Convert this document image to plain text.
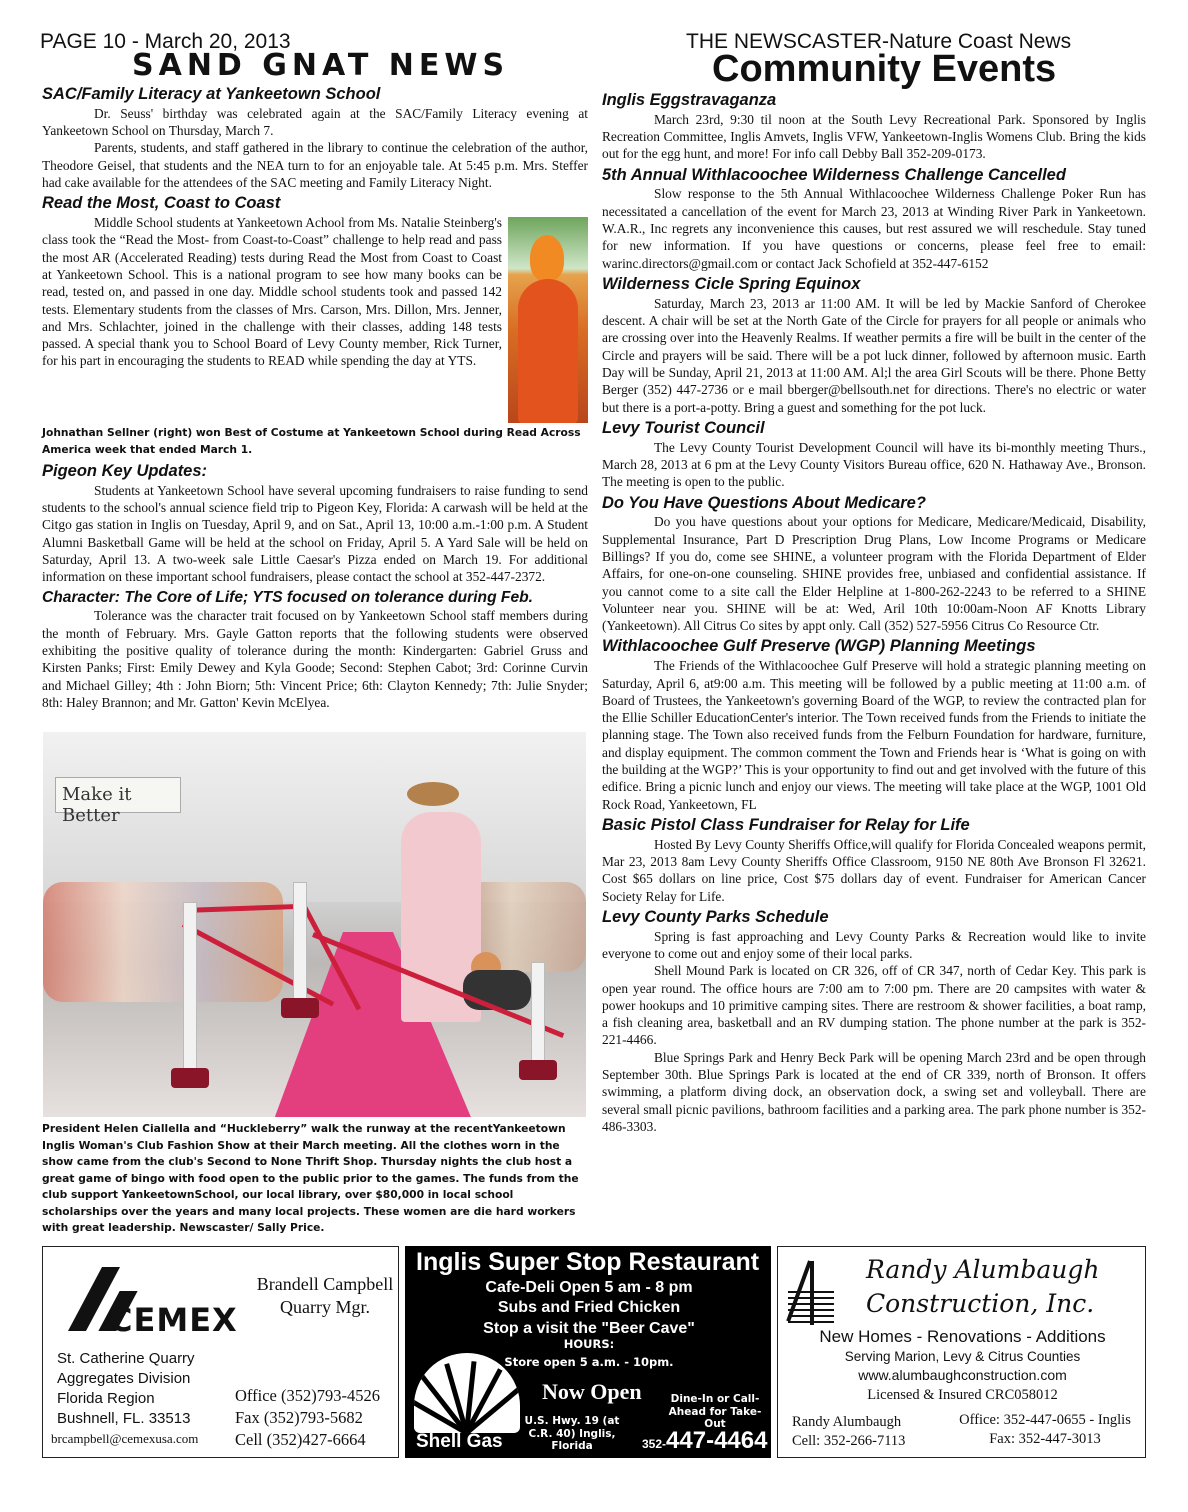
PAGE 10 - March 20, 2013
SAND GNAT NEWS
THE NEWSCASTER-Nature Coast News
Community Events
SAC/Family Literacy at Yankeetown School

Dr. Seuss' birthday was celebrated again at the SAC/Family Literacy evening at Yankeetown School on Thursday, March 7.

Parents, students, and staff gathered in the library to continue the celebration of the author, Theodore Geisel, that students and the NEA turn to for an enjoyable tale. At 5:45 p.m. Mrs. Steffer had cake available for the attendees of the SAC meeting and Family Literacy Night.

Read the Most, Coast to Coast

Middle School students at Yankeetown Achool from Ms. Natalie Steinberg's class took the “Read the Most- from Coast-to-Coast” challenge to help read and pass the most AR (Accelerated Reading) tests during Read the Most from Coast to Coast at Yankeetown School. This is a national program to see how many books can be read, tested on, and passed in one day. Middle school students took and passed 142 tests. Elementary students from the classes of Mrs. Carson, Mrs. Dillon, Mrs. Jenner, and Mrs. Schlachter, joined in the challenge with their classes, adding 148 tests passed. A special thank you to School Board of Levy County member, Rick Turner, for his part in encouraging the students to READ while spending the day at YTS.

Johnathan Sellner (right) won Best of Costume at Yankeetown School during Read Across America week that ended March 1.
Pigeon Key Updates:

Students at Yankeetown School have several upcoming fundraisers to raise funding to send students to the school's annual science field trip to Pigeon Key, Florida: A carwash will be held at the Citgo gas station in Inglis on Tuesday, April 9, and on Sat., April 13, 10:00 a.m.-1:00 p.m. A Student Alumni Basketball Game will be held at the school on Friday, April 5. A Yard Sale will be held on Saturday, April 13. A two-week sale Little Caesar's Pizza ended on March 19. For additional information on these important school fundraisers, please contact the school at 352-447-2372.

Character: The Core of Life; YTS focused on tolerance during Feb.

Tolerance was the character trait focused on by Yankeetown School staff members during the month of February. Mrs. Gayle Gatton reports that the following students were observed exhibiting the positive quality of tolerance during the month: Kindergarten: Gabriel Gruss and Kirsten Panks; First: Emily Dewey and Kyla Goode; Second: Stephen Cabot; 3rd: Corinne Curvin and Michael Gilley; 4th : John Biorn; 5th: Vincent Price; 6th: Clayton Kennedy; 7th: Julie Snyder; 8th: Haley Brannon; and Mr. Gatton' Kevin McElyea.

Make it Better
President Helen Ciallella and “Huckleberry” walk the runway at the recentYankeetown Inglis Woman's Club Fashion Show at their March meeting. All the clothes worn in the show came from the club's Second to None Thrift Shop. Thursday nights the club host a great game of bingo with food open to the public prior to the games. The funds from the club support YankeetownSchool, our local library, over $80,000 in local school scholarships over the years and many local projects. These women are die hard workers with great leadership. Newscaster/ Sally Price.
Inglis Eggstravaganza

March 23rd, 9:30 til noon at the South Levy Recreational Park. Sponsored by Inglis Recreation Committee, Inglis Amvets, Inglis VFW, Yankeetown-Inglis Womens Club. Bring the kids out for the egg hunt, and more! For info call Debby Ball 352-209-0173.

5th Annual Withlacoochee Wilderness Challenge Cancelled

Slow response to the 5th Annual Withlacoochee Wilderness Challenge Poker Run has necessitated a cancellation of the event for March 23, 2013 at Winding River Park in Yankeetown. W.A.R., Inc regrets any inconvenience this causes, but rest assured we will reschedule. Stay tuned for new information. If you have questions or concerns, please feel free to email: warinc.directors@gmail.com or contact Jack Schofield at 352-447-6152

Wilderness Cicle Spring Equinox

Saturday, March 23, 2013 ar 11:00 AM. It will be led by Mackie Sanford of Cherokee descent. A chair will be set at the North Gate of the Circle for prayers for all people or animals who are crossing over into the Heavenly Realms. If weather permits a fire will be built in the center of the Circle and prayers will be said. There will be a pot luck dinner, followed by afternoon music. Earth Day will be Sunday, April 21, 2013 at 11:00 AM. Al;l the area Girl Scouts will be there. Phone Betty Berger (352) 447-2736 or e mail bberger@bellsouth.net for directions. There's no electric or water but there is a port-a-potty. Bring a guest and something for the pot luck.

Levy Tourist Council

The Levy County Tourist Development Council will have its bi-monthly meeting Thurs., March 28, 2013 at 6 pm at the Levy County Visitors Bureau office, 620 N. Hathaway Ave., Bronson. The meeting is open to the public.

Do You Have Questions About Medicare?

Do you have questions about your options for Medicare, Medicare/Medicaid, Disability, Supplemental Insurance, Part D Prescription Drug Plans, Low Income Programs or Medicare Billings? If you do, come see SHINE, a volunteer program with the Florida Department of Elder Affairs, for one-on-one counseling. SHINE provides free, unbiased and confidential assistance. If you cannot come to a site call the Elder Helpline at 1-800-262-2243 to be referred to a SHINE Volunteer near you. SHINE will be at: Wed, Aril 10th 10:00am-Noon AF Knotts Library (Yankeetown). All Citrus Co sites by appt only. Call (352) 527-5956 Citrus Co Resource Ctr.

Withlacoochee Gulf Preserve (WGP) Planning Meetings

The Friends of the Withlacoochee Gulf Preserve will hold a strategic planning meeting on Saturday, April 6, at9:00 a.m. This meeting will be followed by a public meeting at 11:00 a.m. of Board of Trustees, the Yankeetown's governing Board of the WGP, to review the contracted plan for the Ellie Schiller EducationCenter's interior. The Town received funds from the Friends to initiate the planning stage. The Town also received funds from the Felburn Foundation for hardware, furniture, and display equipment. The common comment the Town and Friends hear is ‘What is going on with the building at the WGP?’ This is your opportunity to find out and get involved with the future of this edifice. Bring a picnic lunch and enjoy our views. The meeting will take place at the WGP, 1001 Old Rock Road, Yankeetown, FL

Basic Pistol Class Fundraiser for Relay for Life

Hosted By Levy County Sheriffs Office,will qualify for Florida Concealed weapons permit, Mar 23, 2013 8am Levy County Sheriffs Office Classroom, 9150 NE 80th Ave Bronson Fl 32621. Cost $65 dollars on line price, Cost $75 dollars day of event. Fundraiser for American Cancer Society Relay for Life.

Levy County Parks Schedule

Spring is fast approaching and Levy County Parks & Recreation would like to invite everyone to come out and enjoy some of their local parks.

Shell Mound Park is located on CR 326, off of CR 347, north of Cedar Key. This park is open year round. The office hours are 7:00 am to 7:00 pm. There are 20 campsites with water & power hookups and 10 primitive camping sites. There are restroom & shower facilities, a boat ramp, a fish cleaning area, basketball and an RV dumping station. The phone number at the park is 352-221-4466.

Blue Springs Park and Henry Beck Park will be opening March 23rd and be open through September 30th. Blue Springs Park is located at the end of CR 339, north of Bronson. It offers swimming, a platform diving dock, an observation dock, a swing set and volleyball. There are several small picnic pavilions, bathroom facilities and a parking area. The park phone number is 352-486-3303.

CEMEX
Brandell Campbell
Quarry Mgr.
St. Catherine Quarry
Aggregates Division
Florida Region
Bushnell, FL. 33513
Office (352)793-4526
Fax (352)793-5682
Cell (352)427-6664
brcampbell@cemexusa.com
Inglis Super Stop Restaurant
Cafe-Deli Open 5 am - 8 pm
Subs and Fried Chicken
Stop a visit the "Beer Cave"
HOURS:
Store open 5 a.m. - 10pm.
Shell Gas
Now Open
U.S. Hwy. 19 (at C.R. 40) Inglis, Florida
Dine-In or Call-Ahead for Take-Out
352-447-4464
Randy Alumbaugh
Construction, Inc.
New Homes - Renovations - Additions
Serving Marion, Levy & Citrus Counties
www.alumbaughconstruction.com
Licensed & Insured CRC058012
Randy Alumbaugh
Cell: 352-266-7113
Office: 352-447-0655 - Inglis
Fax: 352-447-3013
